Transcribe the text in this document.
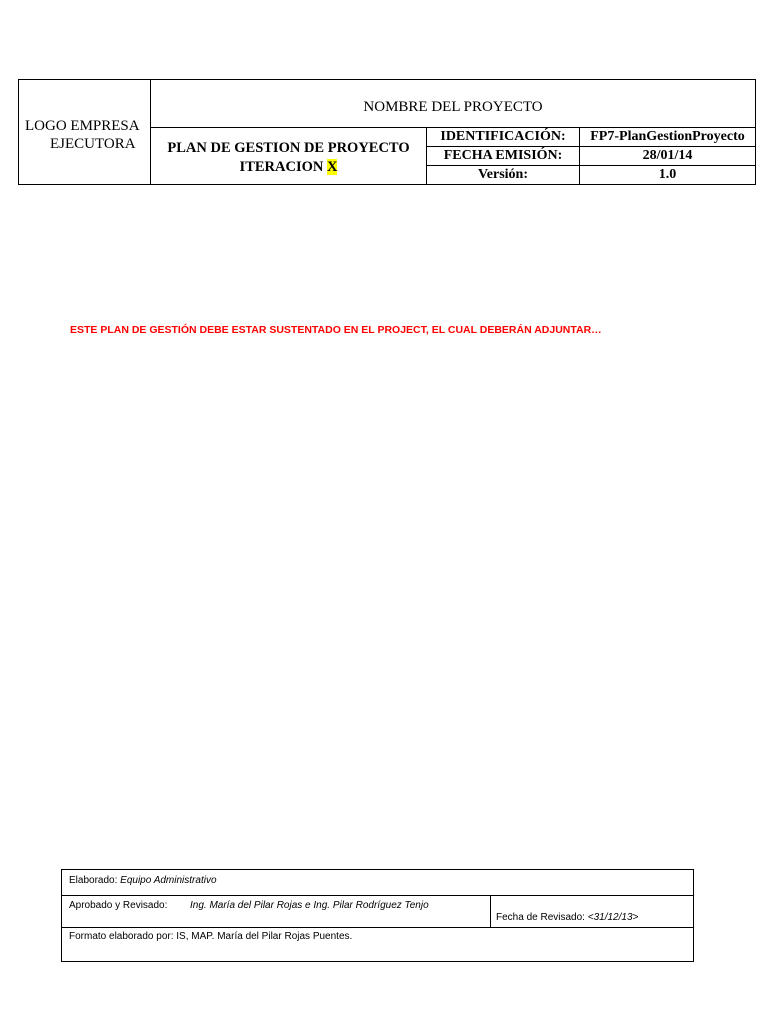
LOGO EMPRESA
EJECUTORA
NOMBRE DEL PROYECTO
PLAN DE GESTION DE PROYECTO
ITERACION X
IDENTIFICACIÓN:	FP7-PlanGestionProyecto
FECHA EMISIÓN:	28/01/14
Versión:	1.0
ESTE PLAN DE GESTIÓN DEBE ESTAR SUSTENTADO EN EL PROJECT, EL CUAL DEBERÁN ADJUNTAR…
Elaborado: Equipo Administrativo
Aprobado y Revisado: Ing. María del Pilar Rojas e Ing. Pilar Rodríguez Tenjo
Fecha de Revisado: <31/12/13>
Formato elaborado por: IS, MAP. María del Pilar Rojas Puentes.
